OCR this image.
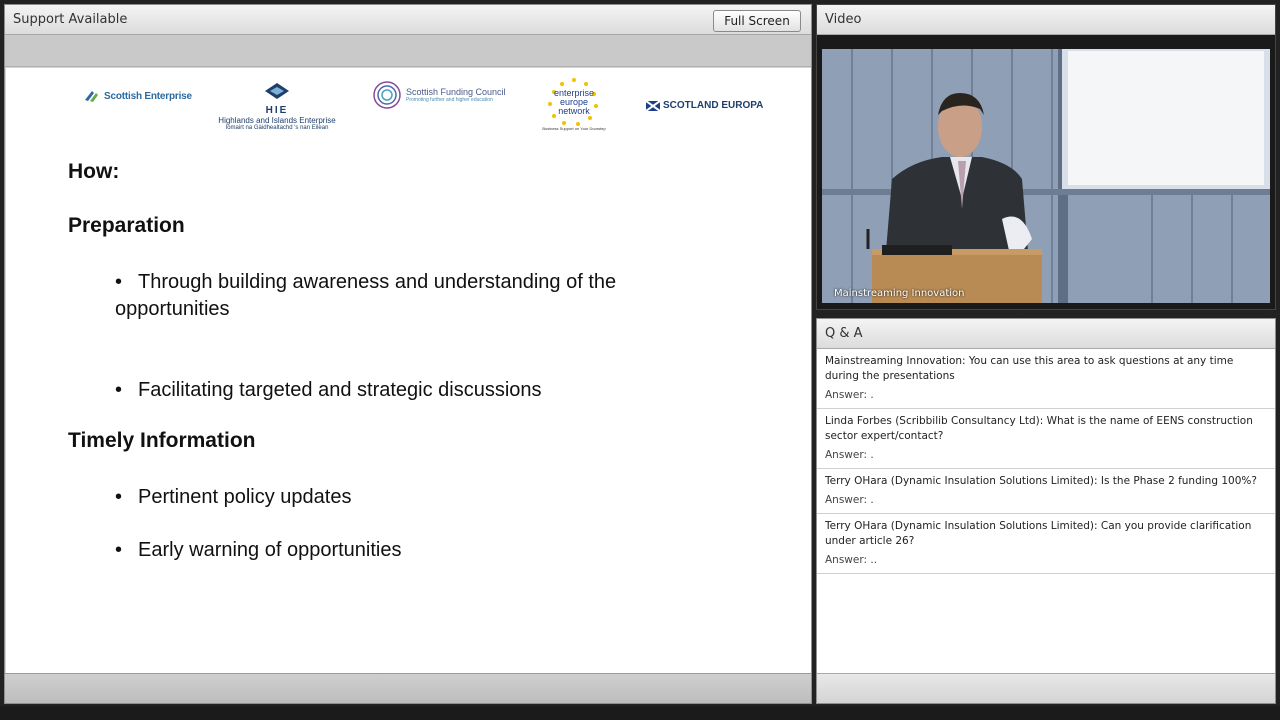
Support Available	Full Screen
Scottish Enterprise
HIE
Highlands and Islands Enterprise
Iomairt na Gàidhealtachd 's nan Eilean
Scottish Funding Council
Promoting further and higher education
enterprise
europe
network
Business Support on Your Doorstep
SCOTLAND EUROPA
How:
Preparation
• Through building awareness and understanding of the
opportunities
• Facilitating targeted and strategic discussions
Timely Information
• Pertinent policy updates
• Early warning of opportunities
Video
Mainstreaming Innovation
Q & A
Mainstreaming Innovation: You can use this area to ask questions at any time during the presentations
Answer: .
Linda Forbes (Scribbilib Consultancy Ltd): What is the name of EENS construction sector expert/contact?
Answer: .
Terry OHara (Dynamic Insulation Solutions Limited): Is the Phase 2 funding 100%?
Answer: .
Terry OHara (Dynamic Insulation Solutions Limited): Can you provide clarification under article 26?
Answer: ..
